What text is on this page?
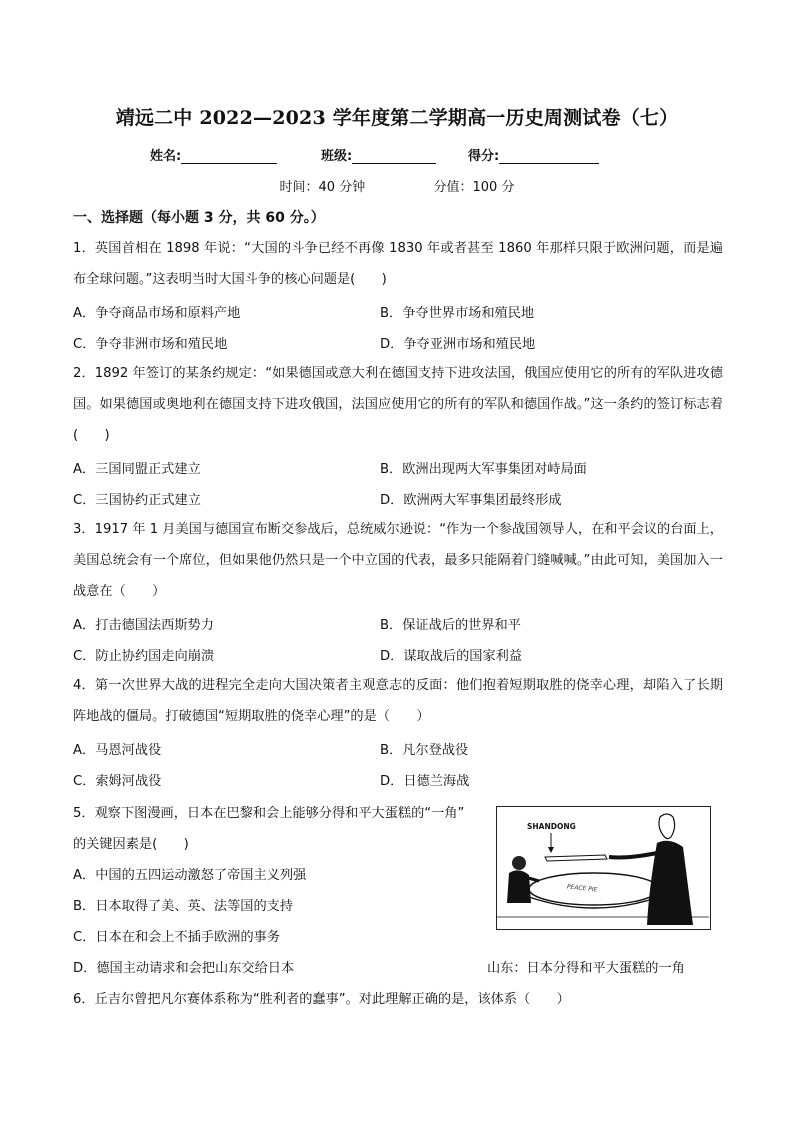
靖远二中 2022—2023 学年度第二学期高一历史周测试卷（七）
姓名:	班级:	得分:
时间：40 分钟	分值：100 分
一、选择题（每小题 3 分，共 60 分。）
1．英国首相在 1898 年说：“大国的斗争已经不再像 1830 年或者甚至 1860 年那样只限于欧洲问题，而是遍布全球问题。”这表明当时大国斗争的核心问题是(　　)
A．争夺商品市场和原料产地	B．争夺世界市场和殖民地
C．争夺非洲市场和殖民地	D．争夺亚洲市场和殖民地
2．1892 年签订的某条约规定：“如果德国或意大利在德国支持下进攻法国，俄国应使用它的所有的军队进攻德国。如果德国或奥地利在德国支持下进攻俄国，法国应使用它的所有的军队和德国作战。”这一条约的签订标志着(　　)
A．三国同盟正式建立	B．欧洲出现两大军事集团对峙局面
C．三国协约正式建立	D．欧洲两大军事集团最终形成
3．1917 年 1 月美国与德国宣布断交参战后，总统威尔逊说：“作为一个参战国领导人，在和平会议的台面上，美国总统会有一个席位，但如果他仍然只是一个中立国的代表，最多只能隔着门缝喊喊。”由此可知，美国加入一战意在（　　）
A．打击德国法西斯势力	B．保证战后的世界和平
C．防止协约国走向崩溃	D．谋取战后的国家利益
4．第一次世界大战的进程完全走向大国决策者主观意志的反面：他们抱着短期取胜的侥幸心理，却陷入了长期阵地战的僵局。打破德国“短期取胜的侥幸心理”的是（　　）
A．马恩河战役	B．凡尔登战役
C．索姆河战役	D．日德兰海战
5．观察下图漫画，日本在巴黎和会上能够分得和平大蛋糕的“一角”
的关键因素是(　　)
A．中国的五四运动激怒了帝国主义列强
B．日本取得了美、英、法等国的支持
C．日本在和会上不插手欧洲的事务
D．德国主动请求和会把山东交给日本
SHANDONG
PEACE PIE
山东：日本分得和平大蛋糕的一角
6．丘吉尔曾把凡尔赛体系称为“胜利者的蠢事”。对此理解正确的是，该体系（　　）
